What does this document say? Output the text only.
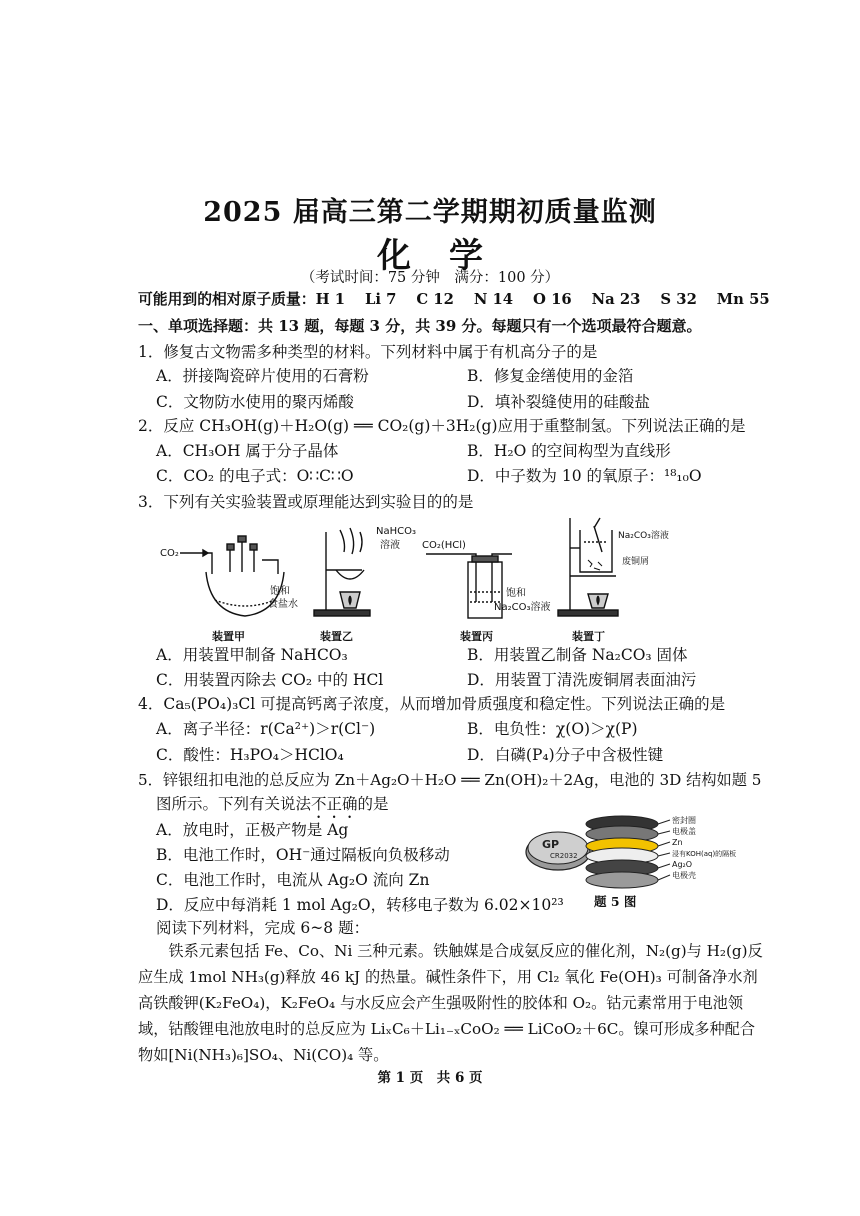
2025 届高三第二学期期初质量监测
化学
（考试时间：75 分钟　满分：100 分）
可能用到的相对原子质量：H 1　 Li 7　 C 12　 N 14　 O 16　 Na 23　 S 32　 Mn 55
一、单项选择题：共 13 题，每题 3 分，共 39 分。每题只有一个选项最符合题意。
1．修复古文物需多种类型的材料。下列材料中属于有机高分子的是
A．拼接陶瓷碎片使用的石膏粉	B．修复金缮使用的金箔
C．文物防水使用的聚丙烯酸	D．填补裂缝使用的硅酸盐
2．反应 CH₃OH(g)＋H₂O(g) ══ CO₂(g)＋3H₂(g)应用于重整制氢。下列说法正确的是
A．CH₃OH 属于分子晶体	B．H₂O 的空间构型为直线形
C．CO₂ 的电子式：O∷C∷O	D．中子数为 10 的氧原子：¹⁸₁₀O
3．下列有关实验装置或原理能达到实验目的的是
CO₂
饱和
食盐水
装置甲
NaHCO₃
溶液
装置乙
CO₂(HCl)
饱和
Na₂CO₃溶液
装置丙
Na₂CO₃溶液
废铜屑
装置丁
A．用装置甲制备 NaHCO₃	B．用装置乙制备 Na₂CO₃ 固体
C．用装置丙除去 CO₂ 中的 HCl	D．用装置丁清洗废铜屑表面油污
4．Ca₅(PO₄)₃Cl 可提高钙离子浓度，从而增加骨质强度和稳定性。下列说法正确的是
A．离子半径：r(Ca²⁺)＞r(Cl⁻)	B．电负性：χ(O)＞χ(P)
C．酸性：H₃PO₄＞HClO₄	D．白磷(P₄)分子中含极性键
5．锌银纽扣电池的总反应为 Zn＋Ag₂O＋H₂O ══ Zn(OH)₂＋2Ag，电池的 3D 结构如题 5
图所示。下列有关说法不正确的是
A．放电时，正极产物是 Ag
B．电池工作时，OH⁻通过隔板向负极移动
C．电池工作时，电流从 Ag₂O 流向 Zn
D．反应中每消耗 1 mol Ag₂O，转移电子数为 6.02×10²³
GP
CR2032
密封圈
电极盖
Zn
浸有KOH(aq)的隔板
Ag₂O
电极壳
题 5 图
阅读下列材料，完成 6~8 题：
铁系元素包括 Fe、Co、Ni 三种元素。铁触媒是合成氨反应的催化剂，N₂(g)与 H₂(g)反应生成 1mol NH₃(g)释放 46 kJ 的热量。碱性条件下，用 Cl₂ 氧化 Fe(OH)₃ 可制备净水剂高铁酸钾(K₂FeO₄)，K₂FeO₄ 与水反应会产生强吸附性的胶体和 O₂。钴元素常用于电池领域，钴酸锂电池放电时的总反应为 LiₓC₆＋Li₁₋ₓCoO₂ ══ LiCoO₂＋6C。镍可形成多种配合物如[Ni(NH₃)₆]SO₄、Ni(CO)₄ 等。
第 1 页　共 6 页
